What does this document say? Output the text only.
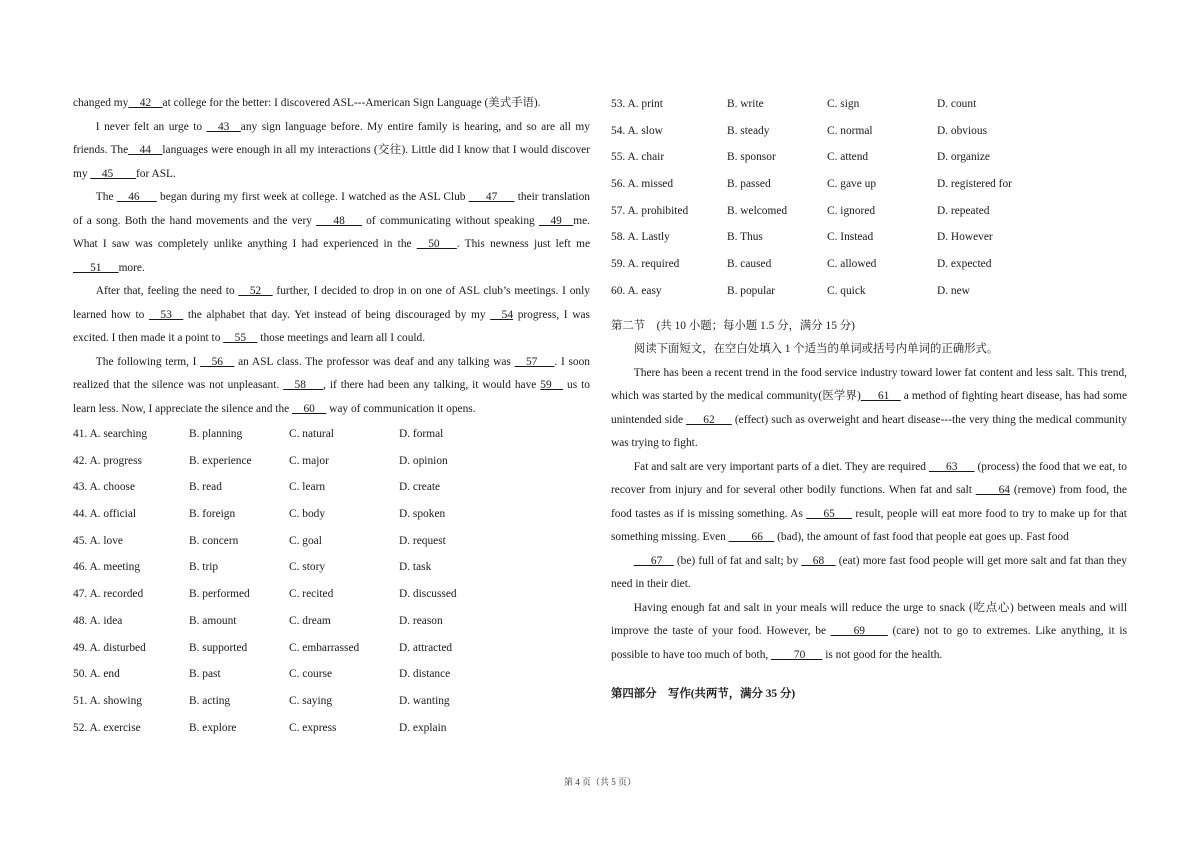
changed my__42__at college for the better: I discovered ASL---American Sign Language (美式手语).

I never felt an urge to __43__any sign language before. My entire family is hearing, and so are all my friends. The__44__languages were enough in all my interactions (交往). Little did I know that I would discover my __45____for ASL.

The __46___ began during my first week at college. I watched as the ASL Club ___47___ their translation of a song. Both the hand movements and the very ___48___ of communicating without speaking __49__me. What I saw was completely unlike anything I had experienced in the __50___. This newness just left me ___51___more.

After that, feeling the need to __52__ further, I decided to drop in on one of ASL club’s meetings. I only learned how to __53__ the alphabet that day. Yet instead of being discouraged by my __54 progress, I was excited. I then made it a point to __55__ those meetings and learn all I could.

The following term, I __56__ an ASL class. The professor was deaf and any talking was __57___. I soon realized that the silence was not unpleasant. __58___, if there had been any talking, it would have 59__ us to learn less. Now, I appreciate the silence and the __60__ way of communication it opens.

41. A. searching	B. planning	C. natural	D. formal
42. A. progress	B. experience	C. major	D. opinion
43. A. choose	B. read	C. learn	D. create
44. A. official	B. foreign	C. body	D. spoken
45. A. love	B. concern	C. goal	D. request
46. A. meeting	B. trip	C. story	D. task
47. A. recorded	B. performed	C. recited	D. discussed
48. A. idea	B. amount	C. dream	D. reason
49. A. disturbed	B. supported	C. embarrassed	D. attracted
50. A. end	B. past	C. course	D. distance
51. A. showing	B. acting	C. saying	D. wanting
52. A. exercise	B. explore	C. express	D. explain
53. A. print	B. write	C. sign	D. count
54. A. slow	B. steady	C. normal	D. obvious
55. A. chair	B. sponsor	C. attend	D. organize
56. A. missed	B. passed	C. gave up	D. registered for
57. A. prohibited	B. welcomed	C. ignored	D. repeated
58. A. Lastly	B. Thus	C. Instead	D. However
59. A. required	B. caused	C. allowed	D. expected
60. A. easy	B. popular	C. quick	D. new
第二节　(共 10 小题；每小题 1.5 分，满分 15 分)
阅读下面短文，在空白处填入 1 个适当的单词或括号内单词的正确形式。

There has been a recent trend in the food service industry toward lower fat content and less salt. This trend, which was started by the medical community(医学界)___61__ a method of fighting heart disease, has had some unintended side ___62___ (effect) such as overweight and heart disease---the very thing the medical community was trying to fight.

Fat and salt are very important parts of a diet. They are required ___63___ (process) the food that we eat, to recover from injury and for several other bodily functions. When fat and salt ____64 (remove) from food, the food tastes as if is missing something. As ___65___ result, people will eat more food to try to make up for that something missing. Even ____66__ (bad), the amount of fast food that people eat goes up. Fast food

___67__ (be) full of fat and salt; by __68__ (eat) more fast food people will get more salt and fat than they need in their diet.

Having enough fat and salt in your meals will reduce the urge to snack (吃点心) between meals and will improve the taste of your food. However, be ____69____ (care) not to go to extremes. Like anything, it is possible to have too much of both, ____70___ is not good for the health.

第四部分　写作(共两节，满分 35 分)
第 4 页（共 5 页）
